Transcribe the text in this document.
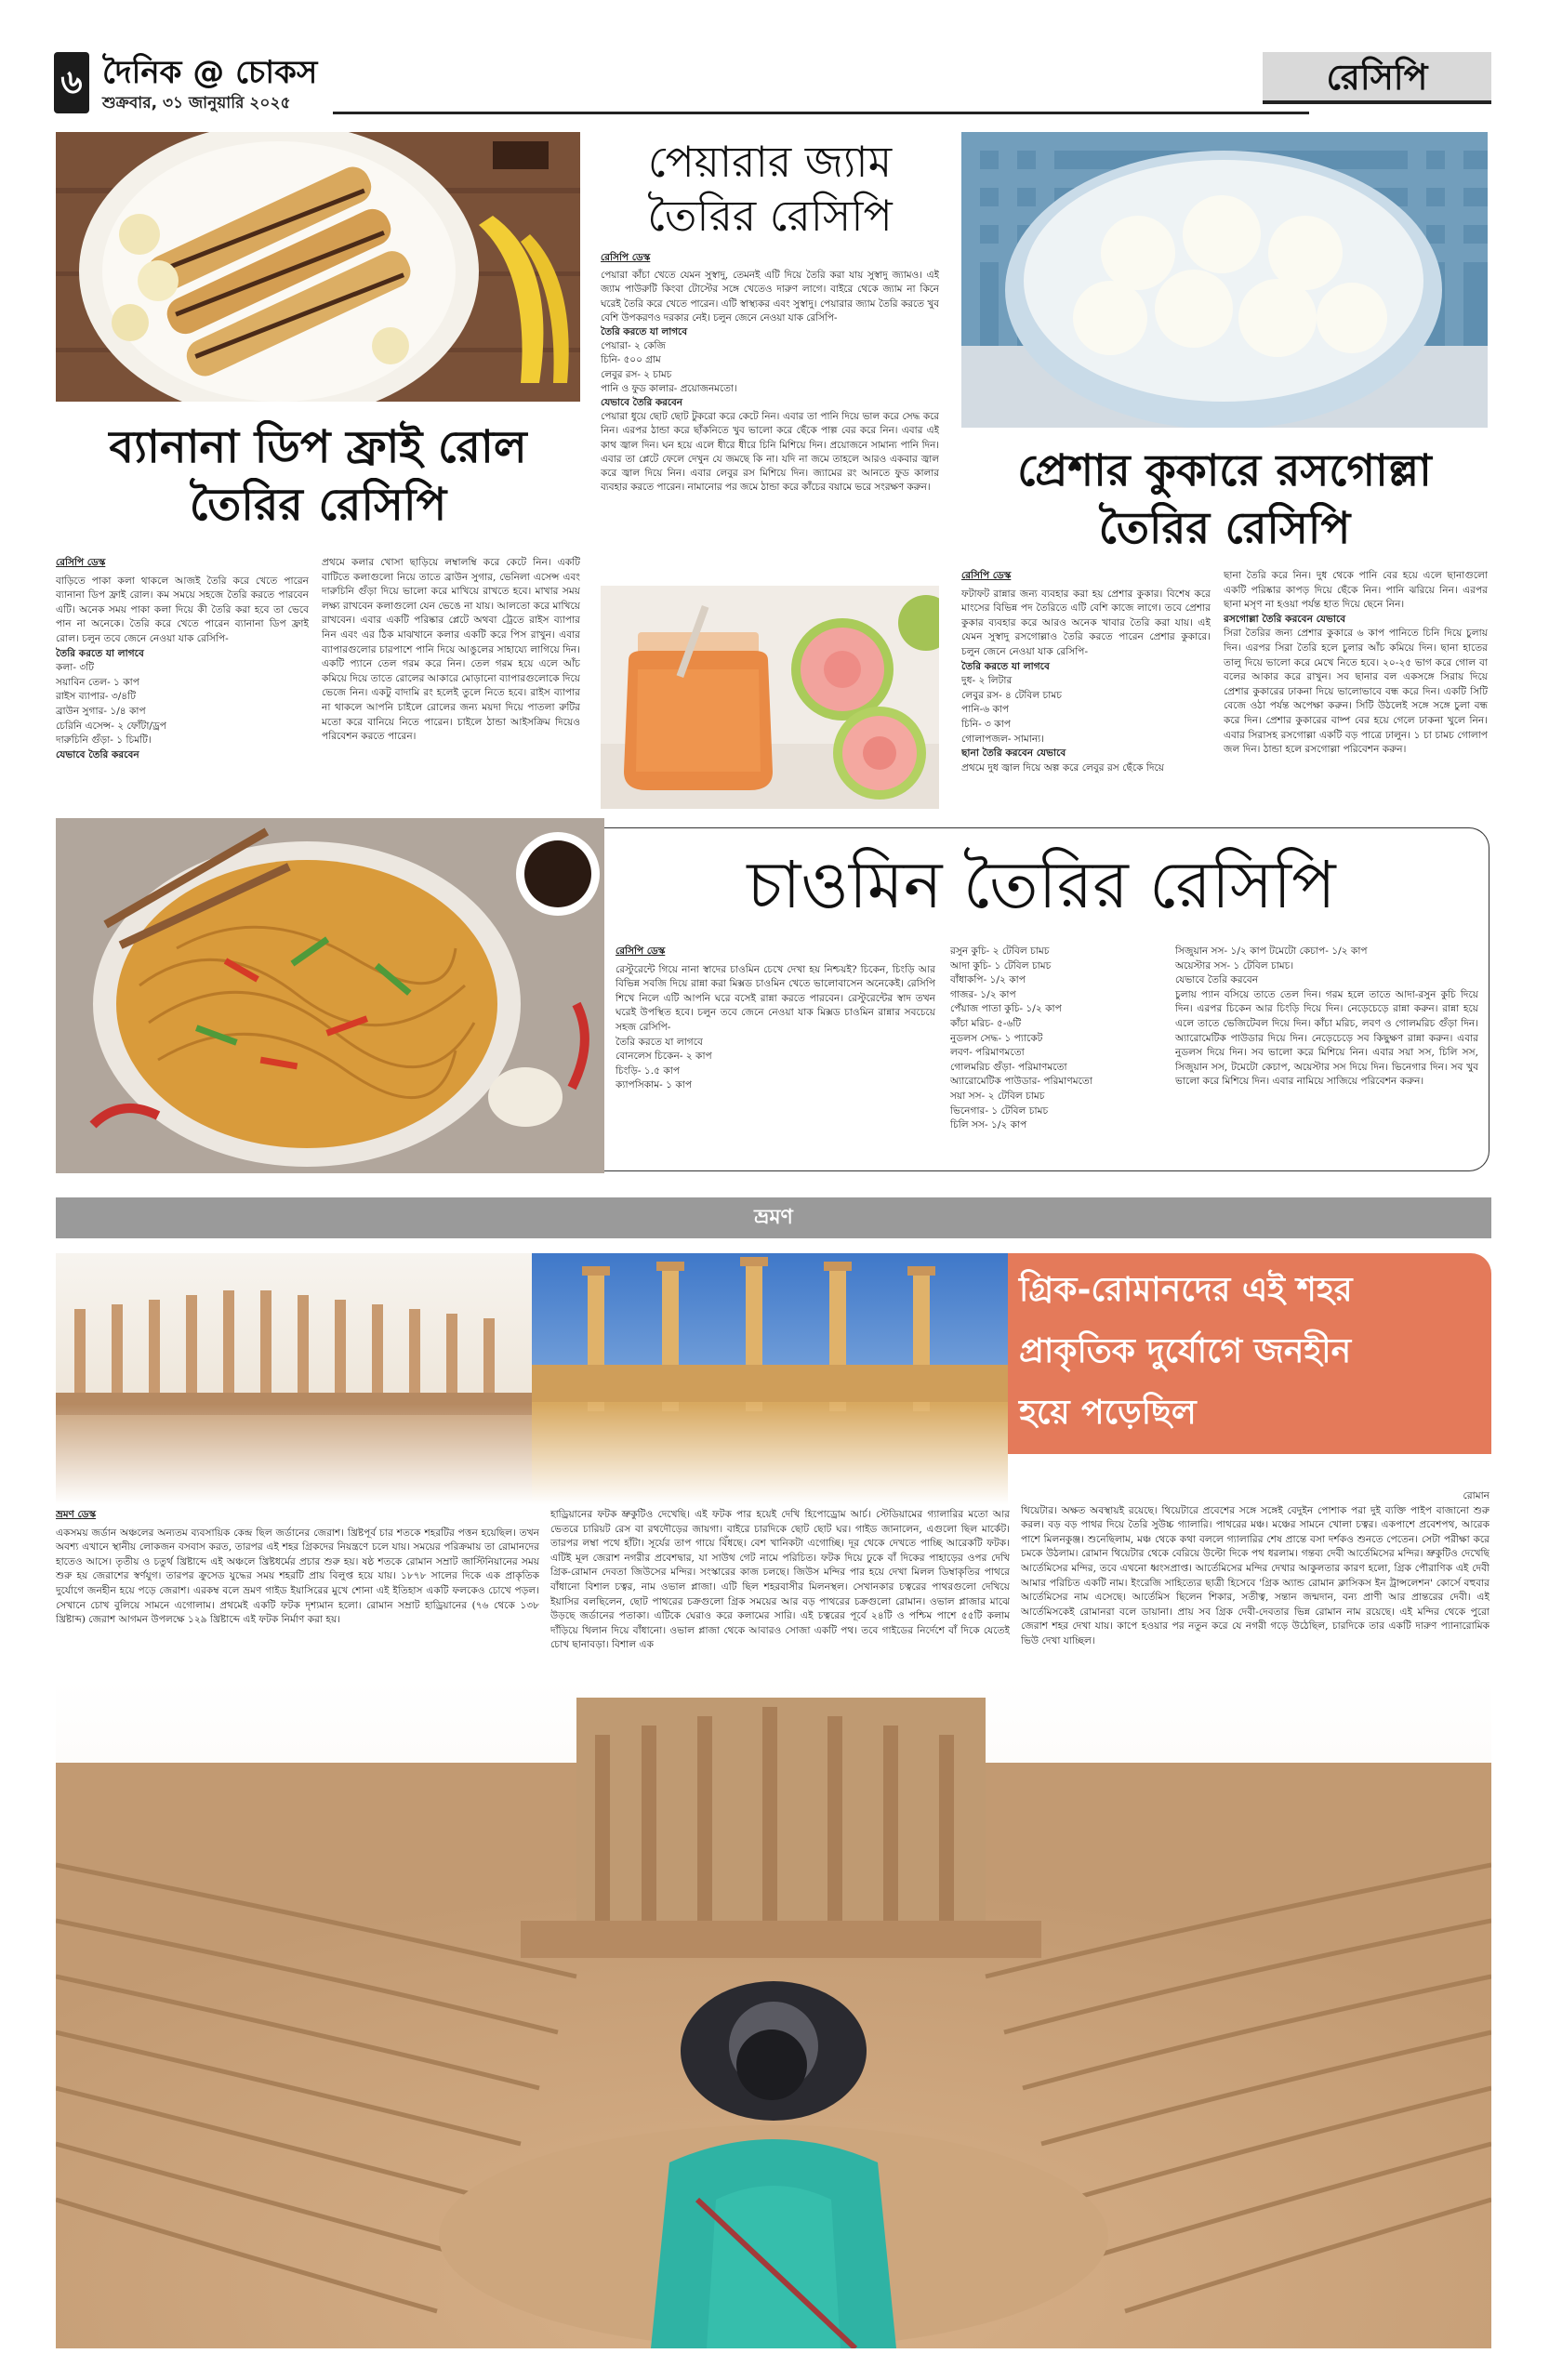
৬ দৈনিক @ চোকস
শুক্রবার, ৩১ জানুয়ারি ২০২৫
রেসিপি
ব্যানানা ডিপ ফ্রাই রোল
তৈরির রেসিপি
রেসিপি ডেস্ক

বাড়িতে পাকা কলা থাকলে আজই তৈরি করে খেতে পারেন ব্যানানা ডিপ ফ্রাই রোল। কম সময়ে সহজে তৈরি করতে পারবেন এটি। অনেক সময় পাকা কলা দিয়ে কী তৈরি করা হবে তা ভেবে পান না অনেকে। তৈরি করে খেতে পারেন ব্যানানা ডিপ ফ্রাই রোল। চলুন তবে জেনে নেওয়া যাক রেসিপি-

তৈরি করতে যা লাগবে

কলা- ৩টি

সয়াবিন তেল- ১ কাপ

রাইস ব্যাপার- ৩/৪টি

ব্রাউন সুগার- ১/৪ কাপ

চেরিনি এসেন্স- ২ ফোঁটা/ড্রপ

দারুচিনি গুঁড়া- ১ চিমটি।

যেভাবে তৈরি করবেন

প্রথমে কলার খোসা ছাড়িয়ে লম্বালম্বি করে কেটে নিন। একটি বাটিতে কলাগুলো নিয়ে তাতে ব্রাউন সুগার, ভেনিলা এসেন্স এবং দারুচিনি গুঁড়া দিয়ে ভালো করে মাখিয়ে রাখতে হবে। মাখার সময় লক্ষ্য রাখবেন কলাগুলো যেন ভেঙে না যায়। আলতো করে মাখিয়ে রাখবেন। এবার একটি পরিষ্কার প্লেটে অথবা ট্রেতে রাইস ব্যাপার নিন এবং এর ঠিক মাঝখানে কলার একটি করে পিস রাখুন। এবার ব্যাপারগুলোর চারপাশে পানি দিয়ে আঙুলের সাহায্যে লাগিয়ে দিন। একটি প্যানে তেল গরম করে নিন। তেল গরম হয়ে এলে আঁচ কমিয়ে দিয়ে তাতে রোলের আকারে মোড়ানো ব্যাপারগুলোকে দিয়ে ভেজে নিন। একটু বাদামি রং হলেই তুলে নিতে হবে। রাইস ব্যাপার না থাকলে আপনি চাইলে রোলের জন্য ময়দা দিয়ে পাতলা রুটির মতো করে বানিয়ে নিতে পারেন। চাইলে ঠান্ডা আইসক্রিম দিয়েও পরিবেশন করতে পারেন।

পেয়ারার জ্যাম
তৈরির রেসিপি
রেসিপি ডেস্ক

পেয়ারা কাঁচা খেতে যেমন সুস্বাদু, তেমনই এটি দিয়ে তৈরি করা যায় সুস্বাদু জ্যামও। এই জ্যাম পাউরুটি কিংবা টোস্টের সঙ্গে খেতেও দারুণ লাগে। বাইরে থেকে জ্যাম না কিনে ঘরেই তৈরি করে খেতে পারেন। এটি স্বাস্থ্যকর এবং সুস্বাদু। পেয়ারার জ্যাম তৈরি করতে খুব বেশি উপকরণও দরকার নেই। চলুন জেনে নেওয়া যাক রেসিপি-

তৈরি করতে যা লাগবে

পেয়ারা- ২ কেজি

চিনি- ৫০০ গ্রাম

লেবুর রস- ২ চামচ

পানি ও ফুড কালার- প্রয়োজনমতো।

যেভাবে তৈরি করবেন

পেয়ারা ধুয়ে ছোট ছোট টুকরো করে কেটে নিন। এবার তা পানি দিয়ে ভাল করে সেদ্ধ করে নিন। এরপর ঠান্ডা করে ছাঁকনিতে খুব ভালো করে ছেঁকে পাল্প বের করে নিন। এবার এই কাথ জ্বাল দিন। ঘন হয়ে এলে ধীরে ধীরে চিনি মিশিয়ে দিন। প্রয়োজনে সামান্য পানি দিন। এবার তা প্লেটে ফেলে দেখুন যে জমছে কি না। যদি না জমে তাহলে আরও একবার জ্বাল করে জ্বাল দিয়ে নিন। এবার লেবুর রস মিশিয়ে দিন। জ্যামের রং আনতে ফুড কালার ব্যবহার করতে পারেন। নামানোর পর জমে ঠান্ডা করে কাঁচের বয়ামে ভরে সংরক্ষণ করুন।	প্রেশার কুকারে রসগোল্লা
তৈরির রেসিপি
রেসিপি ডেস্ক

ফটাফট রান্নার জন্য ব্যবহার করা হয় প্রেশার কুকার। বিশেষ করে মাংসের বিভিন্ন পদ তৈরিতে এটি বেশি কাজে লাগে। তবে প্রেশার কুকার ব্যবহার করে আরও অনেক খাবার তৈরি করা যায়। এই যেমন সুস্বাদু রসগোল্লাও তৈরি করতে পারেন প্রেশার কুকারে। চলুন জেনে নেওয়া যাক রেসিপি-

তৈরি করতে যা লাগবে

দুধ- ২ লিটার

লেবুর রস- ৪ টেবিল চামচ

পানি-৬ কাপ

চিনি- ৩ কাপ

গোলাপজল- সামান্য।

ছানা তৈরি করবেন যেভাবে

প্রথমে দুধ জ্বাল দিয়ে অল্প করে লেবুর রস ছেঁকে দিয়ে

ছানা তৈরি করে নিন। দুধ থেকে পানি বের হয়ে এলে ছানাগুলো একটি পরিষ্কার কাপড় দিয়ে ছেঁকে নিন। পানি ঝরিয়ে নিন। এরপর ছানা মসৃণ না হওয়া পর্যন্ত হাত দিয়ে ছেনে নিন।

রসগোল্লা তৈরি করবেন যেভাবে

সিরা তৈরির জন্য প্রেশার কুকারে ৬ কাপ পানিতে চিনি দিয়ে চুলায় দিন। এরপর সিরা তৈরি হলে চুলার আঁচ কমিয়ে দিন। ছানা হাতের তালু দিয়ে ভালো করে মেখে নিতে হবে। ২০-২৫ ভাগ করে গোল বা বলের আকার করে রাখুন। সব ছানার বল একসঙ্গে সিরায় দিয়ে প্রেশার কুকারের ঢাকনা দিয়ে ভালোভাবে বন্ধ করে দিন। একটি সিটি বেজে ওঠা পর্যন্ত অপেক্ষা করুন। সিটি উঠলেই সঙ্গে সঙ্গে চুলা বন্ধ করে দিন। প্রেশার কুকারের বাষ্প বের হয়ে গেলে ঢাকনা খুলে নিন। এবার সিরাসহ রসগোল্লা একটি বড় পাত্রে ঢালুন। ১ চা চামচ গোলাপ জল দিন। ঠান্ডা হলে রসগোল্লা পরিবেশন করুন।

চাওমিন তৈরির রেসিপি
রেসিপি ডেস্ক

রেস্টুরেন্টে গিয়ে নানা স্বাদের চাওমিন চেখে দেখা হয় নিশ্চয়ই? চিকেন, চিংড়ি আর বিভিন্ন সবজি দিয়ে রান্না করা মিক্সড চাওমিন খেতে ভালোবাসেন অনেকেই। রেসিপি শিখে নিলে এটি আপনি ঘরে বসেই রান্না করতে পারবেন। রেস্টুরেন্টের স্বাদ তখন ঘরেই উপস্থিত হবে। চলুন তবে জেনে নেওয়া যাক মিক্সড চাওমিন রান্নার সবচেয়ে সহজ রেসিপি-

তৈরি করতে যা লাগবে

বোনলেস চিকেন- ২ কাপ

চিংড়ি- ১.৫ কাপ

ক্যাপসিকাম- ১ কাপ

রসুন কুচি- ২ টেবিল চামচ

আদা কুচি- ১ টেবিল চামচ

বাঁধাকপি- ১/২ কাপ

গাজর- ১/২ কাপ

পেঁয়াজ পাতা কুচি- ১/২ কাপ

কাঁচা মরিচ- ৫-৬টি

নুডলস সেদ্ধ- ১ প্যাকেট

লবণ- পরিমাণমতো

গোলমরিচ গুঁড়া- পরিমাণমতো

অ্যারোমেটিক পাউডার- পরিমাণমতো

সয়া সস- ২ টেবিল চামচ

ভিনেগার- ১ টেবিল চামচ

চিলি সস- ১/২ কাপ

সিজুয়ান সস- ১/২ কাপ টমেটো কেচাপ- ১/২ কাপ

অয়েস্টার সস- ১ টেবিল চামচ।

যেভাবে তৈরি করবেন

চুলায় প্যান বসিয়ে তাতে তেল দিন। গরম হলে তাতে আদা-রসুন কুচি দিয়ে দিন। এরপর চিকেন আর চিংড়ি দিয়ে দিন। নেড়েচেড়ে রান্না করুন। রান্না হয়ে এলে তাতে ভেজিটেবল দিয়ে দিন। কাঁচা মরিচ, লবণ ও গোলমরিচ গুঁড়া দিন। অ্যারোমেটিক পাউডার দিয়ে দিন। নেড়েচেড়ে সব কিছুক্ষণ রান্না করুন। এবার নুডলস দিয়ে দিন। সব ভালো করে মিশিয়ে নিন। এবার সয়া সস, চিলি সস, সিজুয়ান সস, টমেটো কেচাপ, অয়েস্টার সস দিয়ে দিন। ভিনেগার দিন। সব খুব ভালো করে মিশিয়ে দিন। এবার নামিয়ে সাজিয়ে পরিবেশন করুন।

ভ্রমণ
গ্রিক-রোমানদের এই শহর
প্রাকৃতিক দুর্যোগে জনহীন
হয়ে পড়েছিল
ভ্রমণ ডেস্ক

একসময় জর্ডান অঞ্চলের অন্যতম ব্যবসায়িক কেন্দ্র ছিল জর্ডানের জেরাশ। খ্রিষ্টপূর্ব চার শতকে শহরটির পত্তন হয়েছিল। তখন অবশ্য এখানে স্থানীয় লোকজন বসবাস করত, তারপর এই শহর গ্রিকদের নিয়ন্ত্রণে চলে যায়। সময়ের পরিক্রমায় তা রোমানদের হাতেও আসে। তৃতীয় ও চতুর্থ খ্রিষ্টাব্দে এই অঞ্চলে খ্রিষ্টধর্মের প্রচার শুরু হয়। ষষ্ঠ শতকে রোমান সম্রাট জাস্টিনিয়ানের সময় শুরু হয় জেরাশের স্বর্ণযুগ। তারপর ক্রুসেড যুদ্ধের সময় শহরটি প্রায় বিলুপ্ত হয়ে যায়। ১৮৭৮ সালের দিকে এক প্রাকৃতিক দুর্যোগে জনহীন হয়ে পড়ে জেরাশ। এরকম্ব বলে ভ্রমণ গাইড ইয়াসিরের মুখে শোনা এই ইতিহাস একটি ফলকেও চোখে পড়ল। সেখানে চোখ বুলিয়ে সামনে এগোলাম। প্রথমেই একটি ফটক দৃশ্যমান হলো। রোমান সম্রাট হাড্রিয়ানের (৭৬ থেকে ১৩৮ খ্রিষ্টাব্দ) জেরাশ আগমন উপলক্ষে ১২৯ খ্রিষ্টাব্দে এই ফটক নির্মাণ করা হয়।

হাড্রিয়ানের ফটক ভ্রুকুটিও দেখেছি। এই ফটক পার হয়েই দেখি হিপোড্রোম আর্চ। স্টেডিয়ামের গ্যালারির মতো আর ভেতরে চারিয়ট রেস বা রথদৌড়ের জায়গা। বাইরে চারদিকে ছোট ছোট ঘর। গাইড জানালেন, এগুলো ছিল মার্কেট। তারপর লম্বা পথে হাঁটা। সূর্যের তাপ গায়ে বিঁধছে। বেশ খানিকটা এগোচ্ছি। দূর থেকে দেখতে পাচ্ছি আরেকটি ফটক। এটিই মূল জেরাশ নগরীর প্রবেশদ্বার, যা সাউথ গেট নামে পরিচিত। ফটক দিয়ে ঢুকে বাঁ দিকের পাহাড়ের ওপর দেখি গ্রিক-রোমান দেবতা জিউসের মন্দির। সংস্কারের কাজ চলছে। জিউস মন্দির পার হয়ে দেখা মিলল ডিম্বাকৃতির পাথরে বাঁধানো বিশাল চত্বর, নাম ওভাল প্লাজা। এটি ছিল শহরবাসীর মিলনস্থল। সেখানকার চত্বরের পাথরগুলো দেখিয়ে ইয়াসির বলছিলেন, ছোট পাথরের চক্রগুলো গ্রিক সময়ের আর বড় পাথরের চক্রগুলো রোমান। ওভাল প্লাজার মাঝে উড়ছে জর্ডানের পতাকা। এটিকে ঘেরাও করে কলামের সারি। এই চত্বরের পূর্বে ২৪টি ও পশ্চিম পাশে ৫৫টি কলাম দাঁড়িয়ে থিলান দিয়ে বাঁধানো। ওভাল প্লাজা থেকে আবারও সোজা একটি পথ। তবে গাইডের নির্দেশে বাঁ দিকে যেতেই চোখ ছানাবড়া। বিশাল এক

রোমান

থিয়েটার। অক্ষত অবস্থায়ই রয়েছে। থিয়েটারে প্রবেশের সঙ্গে সঙ্গেই বেদুইন পোশাক পরা দুই ব্যক্তি পাইপ বাজানো শুরু করল। বড় বড় পাথর দিয়ে তৈরি সুউচ্চ গ্যালারি। পাথরের মঞ্চ। মঞ্চের সামনে খোলা চত্বর। একপাশে প্রবেশপথ, আরেক পাশে মিলনকুঞ্জ। শুনেছিলাম, মঞ্চ থেকে কথা বললে গ্যালারির শেষ প্রান্তে বসা দর্শকও শুনতে পেতেন। সেটা পরীক্ষা করে চমকে উঠলাম। রোমান থিয়েটার থেকে বেরিয়ে উল্টো দিকে পথ ধরলাম। গন্তব্য দেবী আর্তেমিসের মন্দির। ভ্রুকুটিও দেখেছি আর্তেমিসের মন্দির, তবে এখনো ধ্বংসপ্রাপ্ত। আর্তেমিসের মন্দির দেখার আকুলতার কারণ হলো, গ্রিক পৌরাণিক এই দেবী আমার পরিচিত একটি নাম। ইংরেজি সাহিত্যের ছাত্রী হিসেবে 'গ্রিক অ্যান্ড রোমান ক্লাসিকস ইন ট্রান্সলেশন' কোর্সে বহুবার আর্তেমিসের নাম এসেছে। আর্তেমিস ছিলেন শিকার, সতীত্ব, সন্তান জন্মদান, বন্য প্রাণী আর প্রান্তরের দেবী। এই আর্তেমিসকেই রোমানরা বলে ডায়ানা। প্রায় সব গ্রিক দেবী-দেবতার ভিন্ন রোমান নাম রয়েছে। এই মন্দির থেকে পুরো জেরাশ শহর দেখা যায়। কাপে হওয়ার পর নতুন করে যে নগরী গড়ে উঠেছিল, চারদিকে তার একটি দারুণ প্যানারোমিক ভিউ দেখা যাচ্ছিল।
